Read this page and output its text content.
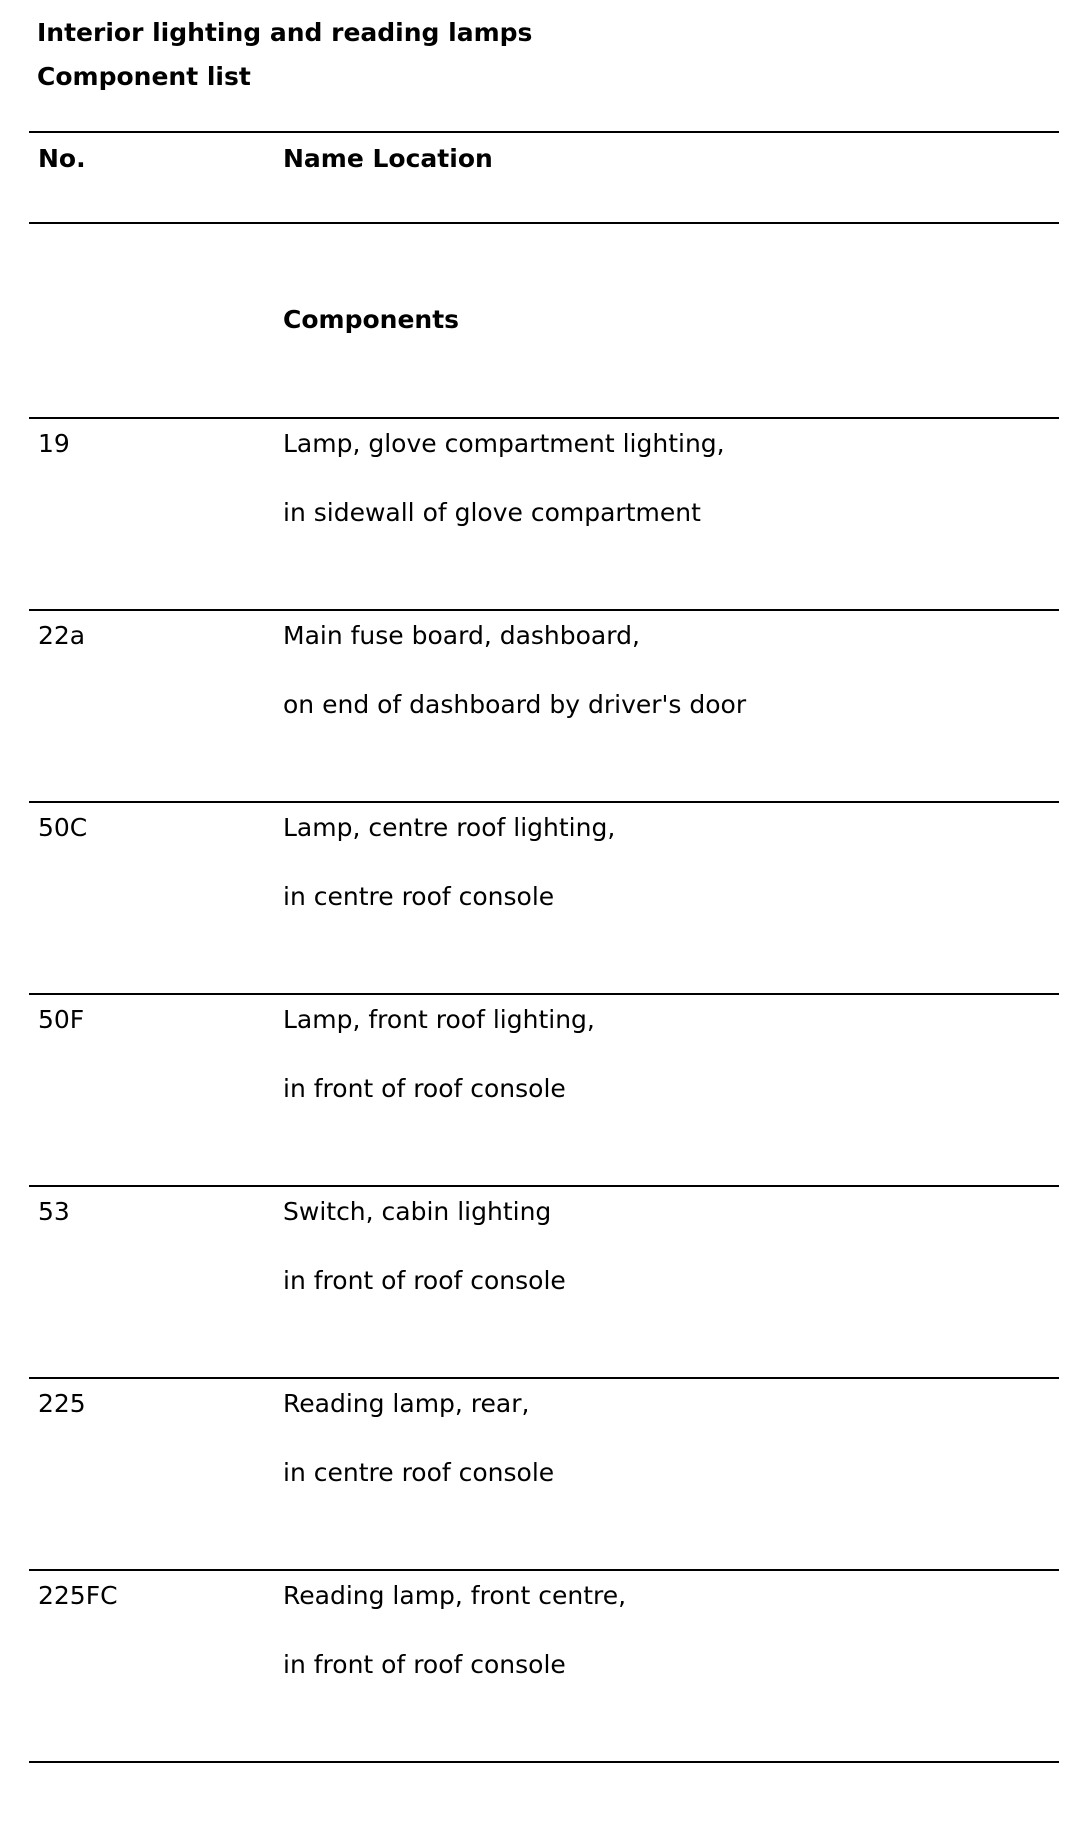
Interior lighting and reading lamps
Component list
No.	Name Location
Components
19	Lamp, glove compartment lighting,
in sidewall of glove compartment
22a	Main fuse board, dashboard,
on end of dashboard by driver's door
50C	Lamp, centre roof lighting,
in centre roof console
50F	Lamp, front roof lighting,
in front of roof console
53	Switch, cabin lighting
in front of roof console
225	Reading lamp, rear,
in centre roof console
225FC	Reading lamp, front centre,
in front of roof console
